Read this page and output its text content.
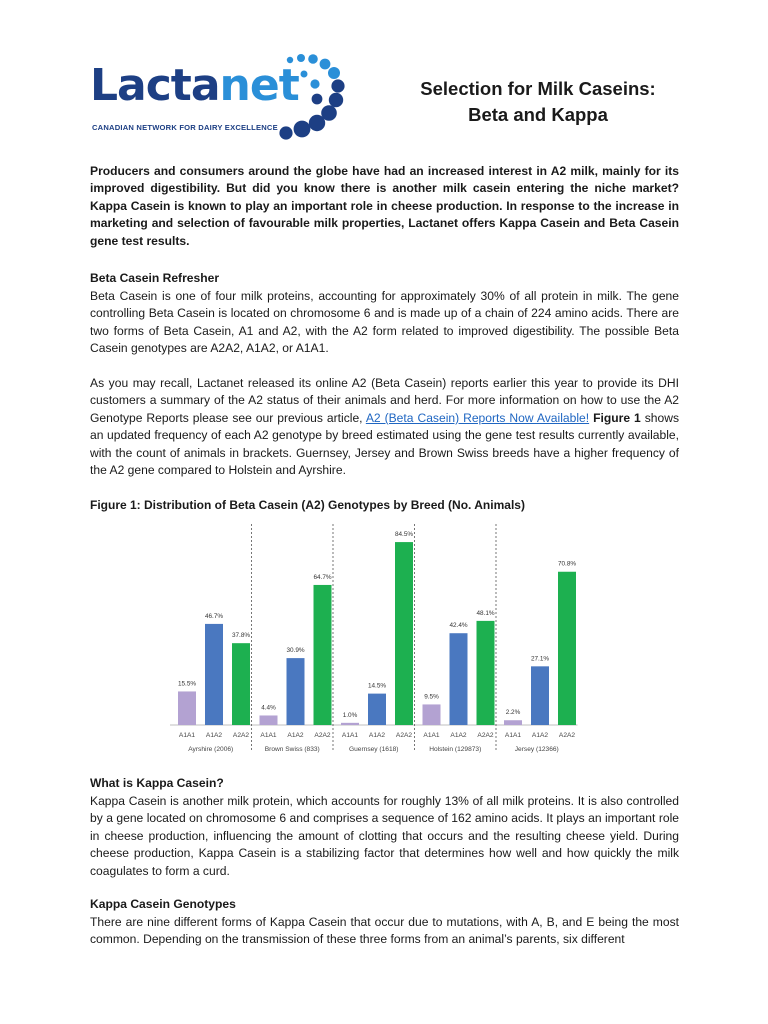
Lactanet
CANADIAN NETWORK FOR DAIRY EXCELLENCE
Selection for Milk Caseins:
Beta and Kappa

Producers and consumers around the globe have had an increased interest in A2 milk, mainly for its improved digestibility. But did you know there is another milk casein entering the niche market? Kappa Casein is known to play an important role in cheese production. In response to the increase in marketing and selection of favourable milk properties, Lactanet offers Kappa Casein and Beta Casein gene test results.

Beta Casein Refresher

Beta Casein is one of four milk proteins, accounting for approximately 30% of all protein in milk. The gene controlling Beta Casein is located on chromosome 6 and is made up of a chain of 224 amino acids. There are two forms of Beta Casein, A1 and A2, with the A2 form related to improved digestibility. The possible Beta Casein genotypes are A2A2, A1A2, or A1A1.

As you may recall, Lactanet released its online A2 (Beta Casein) reports earlier this year to provide its DHI customers a summary of the A2 status of their animals and herd. For more information on how to use the A2 Genotype Reports please see our previous article, A2 (Beta Casein) Reports Now Available! Figure 1 shows an updated frequency of each A2 genotype by breed estimated using the gene test results currently available, with the count of animals in brackets. Guernsey, Jersey and Brown Swiss breeds have a higher frequency of the A2 gene compared to Holstein and Ayrshire.

Figure 1: Distribution of Beta Casein (A2) Genotypes by Breed (No. Animals)
15.5%
A1A1
46.7%
A1A2
37.8%
A2A2
Ayrshire (2006)
4.4%
A1A1
30.9%
A1A2
64.7%
A2A2
Brown Swiss (833)
1.0%
A1A1
14.5%
A1A2
84.5%
A2A2
Guernsey (1618)
9.5%
A1A1
42.4%
A1A2
48.1%
A2A2
Holstein (129873)
2.2%
A1A1
27.1%
A1A2
70.8%
A2A2
Jersey (12366)

What is Kappa Casein?

Kappa Casein is another milk protein, which accounts for roughly 13% of all milk proteins. It is also controlled by a gene located on chromosome 6 and comprises a sequence of 162 amino acids. It plays an important role in cheese production, influencing the amount of clotting that occurs and the resulting cheese yield. During cheese production, Kappa Casein is a stabilizing factor that determines how well and how quickly the milk coagulates to form a curd.

Kappa Casein Genotypes

There are nine different forms of Kappa Casein that occur due to mutations, with A, B, and E being the most common. Depending on the transmission of these three forms from an animal’s parents, six different
